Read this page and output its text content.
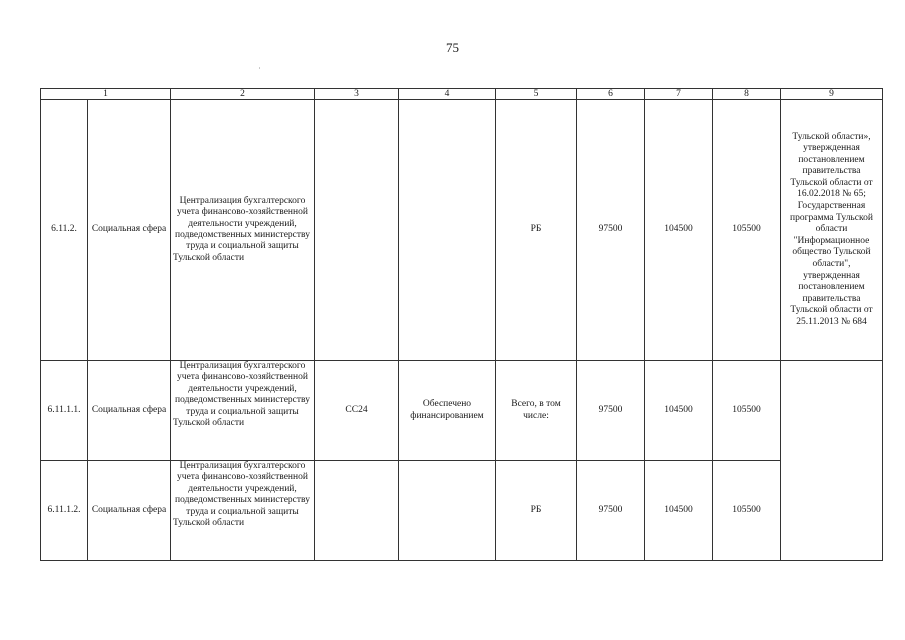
75
˙
1		2	3	4	5	6	7	8	9
6.11.2.	Социальная сфера	Централизация бухгалтерского учета финансово-хозяйственной деятельности учреждений, подведомственных министерству труда и социальной защиты Тульской области			РБ	97500	104500	105500	Тульской области», утвержденная постановлением правительства Тульской области от 16.02.2018 № 65; Государственная программа Тульской области "Информационное общество Тульской области", утвержденная постановлением правительства Тульской области от 25.11.2013 № 684
6.11.1.1.	Социальная сфера	Централизация бухгалтерского учета финансово-хозяйственной деятельности учреждений, подведомственных министерству труда и социальной защиты Тульской области	СС24	Обеспечено финансированием	Всего, в том числе:	97500	104500	105500	
6.11.1.2.	Социальная сфера	Централизация бухгалтерского учета финансово-хозяйственной деятельности учреждений, подведомственных министерству труда и социальной защиты Тульской области			РБ	97500	104500	105500	
